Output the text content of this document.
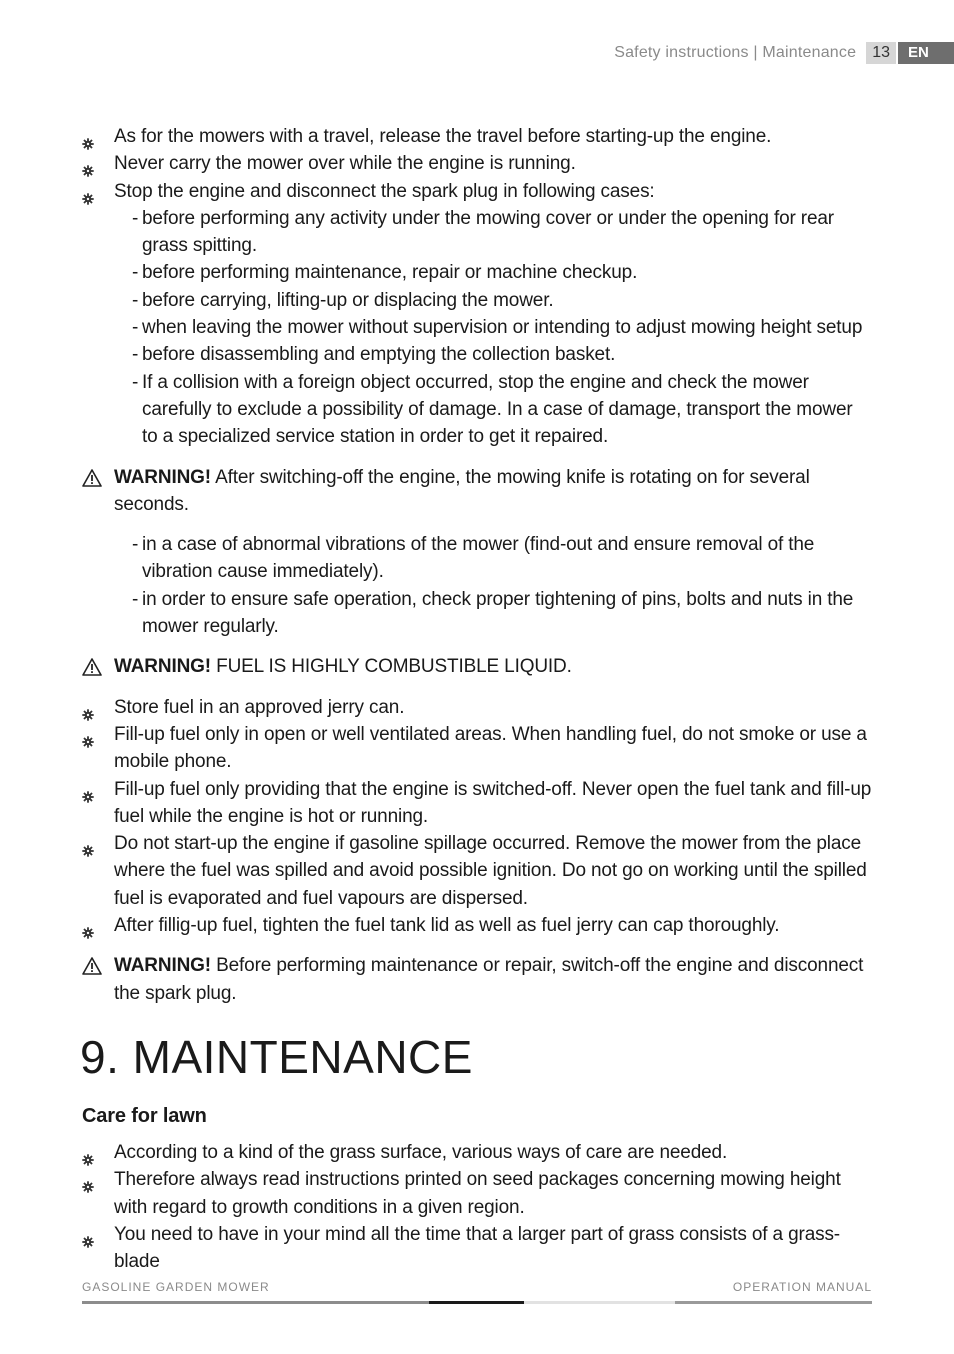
Safety instructions | Maintenance	13	EN
As for the mowers with a travel, release the travel before starting-up the engine.
Never carry the mower over while the engine is running.
Stop the engine and disconnect the spark plug in following cases:
- before performing any activity under the mowing cover or under the opening for rear grass spitting.
- before performing maintenance, repair or machine checkup.
- before carrying, lifting-up or displacing the mower.
- when leaving the mower without supervision or intending to adjust mowing height setup
- before disassembling and emptying the collection basket.
- If a collision with a foreign object occurred, stop the engine and check the mower carefully to exclude a possibility of damage. In a case of damage, transport the mower to a specialized service station in order to get it repaired.
WARNING! After switching-off the engine, the mowing knife is rotating on for several seconds.
- in a case of abnormal vibrations of the mower (find-out and ensure removal of the vibration cause immediately).
- in order to ensure safe operation, check proper tightening of pins, bolts and nuts in the mower regularly.
WARNING! FUEL IS HIGHLY COMBUSTIBLE LIQUID.
Store fuel in an approved jerry can.
Fill-up fuel only in open or well ventilated areas. When handling fuel, do not smoke or use a mobile phone.
Fill-up fuel only providing that the engine is switched-off. Never open the fuel tank and fill-up fuel while the engine is hot or running.
Do not start-up the engine if gasoline spillage occurred. Remove the mower from the place where the fuel was spilled and avoid possible ignition. Do not go on working until the spilled fuel is evaporated and fuel vapours are dispersed.
After fillig-up fuel, tighten the fuel tank lid as well as fuel jerry can cap thoroughly.
WARNING! Before performing maintenance or repair, switch-off the engine and disconnect the spark plug.
9. MAINTENANCE
Care for lawn
According to a kind of the grass surface, various ways of care are needed.
Therefore always read instructions printed on seed packages concerning mowing height with regard to growth conditions in a given region.
You need to have in your mind all the time that a larger part of grass consists of a grass-blade
GASOLINE GARDEN MOWER	OPERATION MANUAL
